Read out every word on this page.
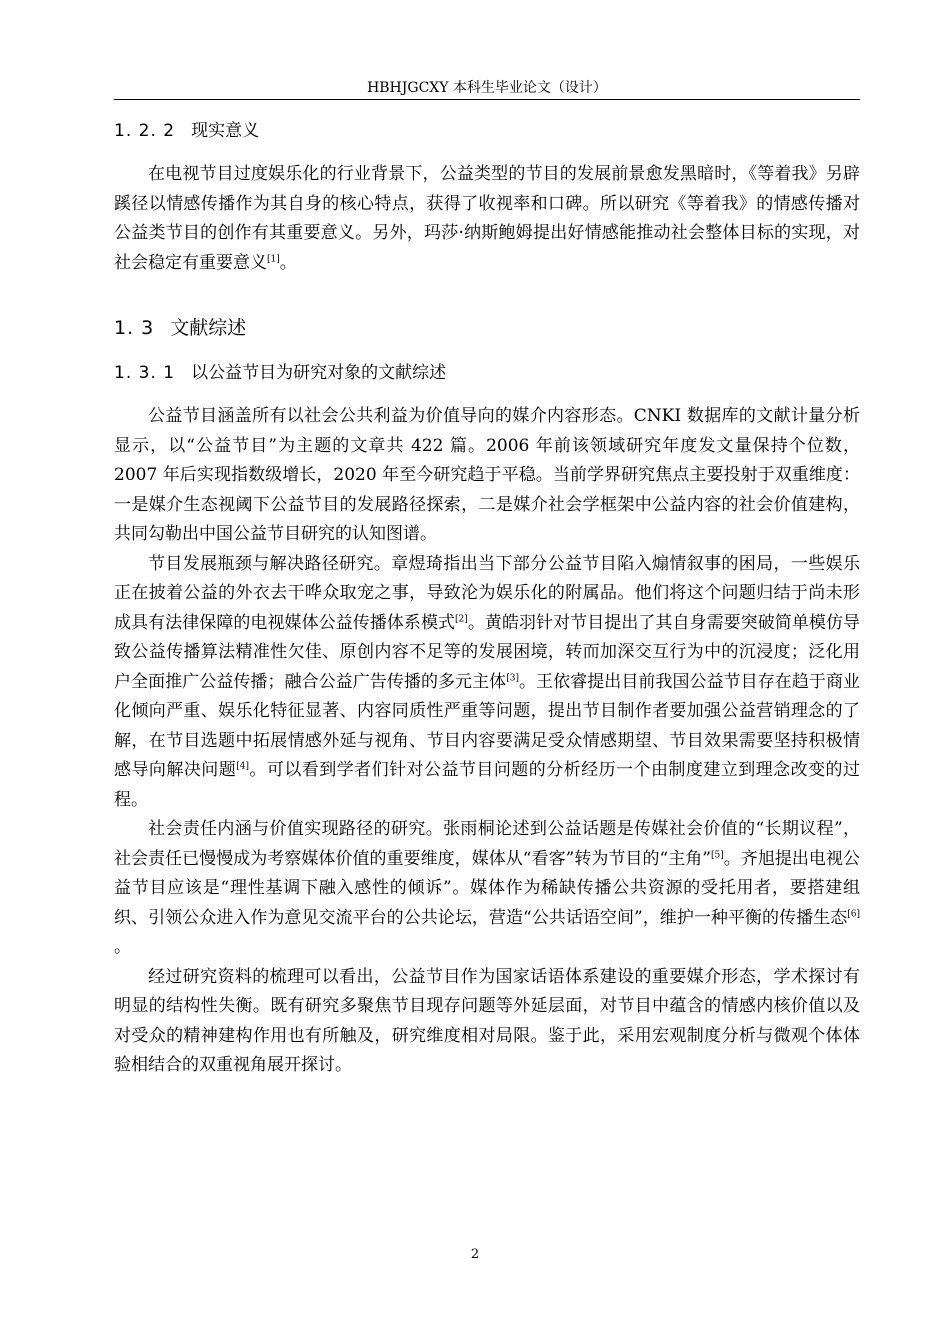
HBHJGCXY 本科生毕业论文（设计）
1. 2. 2 现实意义

在电视节目过度娱乐化的行业背景下，公益类型的节目的发展前景愈发黑暗时，《等着我》另辟蹊径以情感传播作为其自身的核心特点，获得了收视率和口碑。所以研究《等着我》的情感传播对公益类节目的创作有其重要意义。另外，玛莎·纳斯鲍姆提出好情感能推动社会整体目标的实现，对社会稳定有重要意义[1]。

1. 3 文献综述
1. 3. 1 以公益节目为研究对象的文献综述

公益节目涵盖所有以社会公共利益为价值导向的媒介内容形态。CNKI 数据库的文献计量分析显示，以“公益节目”为主题的文章共 422 篇。2006 年前该领域研究年度发文量保持个位数，2007 年后实现指数级增长，2020 年至今研究趋于平稳。当前学界研究焦点主要投射于双重维度：一是媒介生态视阈下公益节目的发展路径探索，二是媒介社会学框架中公益内容的社会价值建构，共同勾勒出中国公益节目研究的认知图谱。

节目发展瓶颈与解决路径研究。章煜琦指出当下部分公益节目陷入煽情叙事的困局，一些娱乐正在披着公益的外衣去干哗众取宠之事，导致沦为娱乐化的附属品。他们将这个问题归结于尚未形成具有法律保障的电视媒体公益传播体系模式[2]。黄皓羽针对节目提出了其自身需要突破简单模仿导致公益传播算法精准性欠佳、原创内容不足等的发展困境，转而加深交互行为中的沉浸度；泛化用户全面推广公益传播；融合公益广告传播的多元主体[3]。王依睿提出目前我国公益节目存在趋于商业化倾向严重、娱乐化特征显著、内容同质性严重等问题，提出节目制作者要加强公益营销理念的了解，在节目选题中拓展情感外延与视角、节目内容要满足受众情感期望、节目效果需要坚持积极情感导向解决问题[4]。可以看到学者们针对公益节目问题的分析经历一个由制度建立到理念改变的过程。

社会责任内涵与价值实现路径的研究。张雨桐论述到公益话题是传媒社会价值的“长期议程”，社会责任已慢慢成为考察媒体价值的重要维度，媒体从“看客”转为节目的“主角”[5]。齐旭提出电视公益节目应该是“理性基调下融入感性的倾诉”。媒体作为稀缺传播公共资源的受托用者，要搭建组织、引领公众进入作为意见交流平台的公共论坛，营造“公共话语空间”，维护一种平衡的传播生态[6] 。

经过研究资料的梳理可以看出，公益节目作为国家话语体系建设的重要媒介形态，学术探讨有明显的结构性失衡。既有研究多聚焦节目现存问题等外延层面，对节目中蕴含的情感内核价值以及对受众的精神建构作用也有所触及，研究维度相对局限。鉴于此，采用宏观制度分析与微观个体体验相结合的双重视角展开探讨。

2
